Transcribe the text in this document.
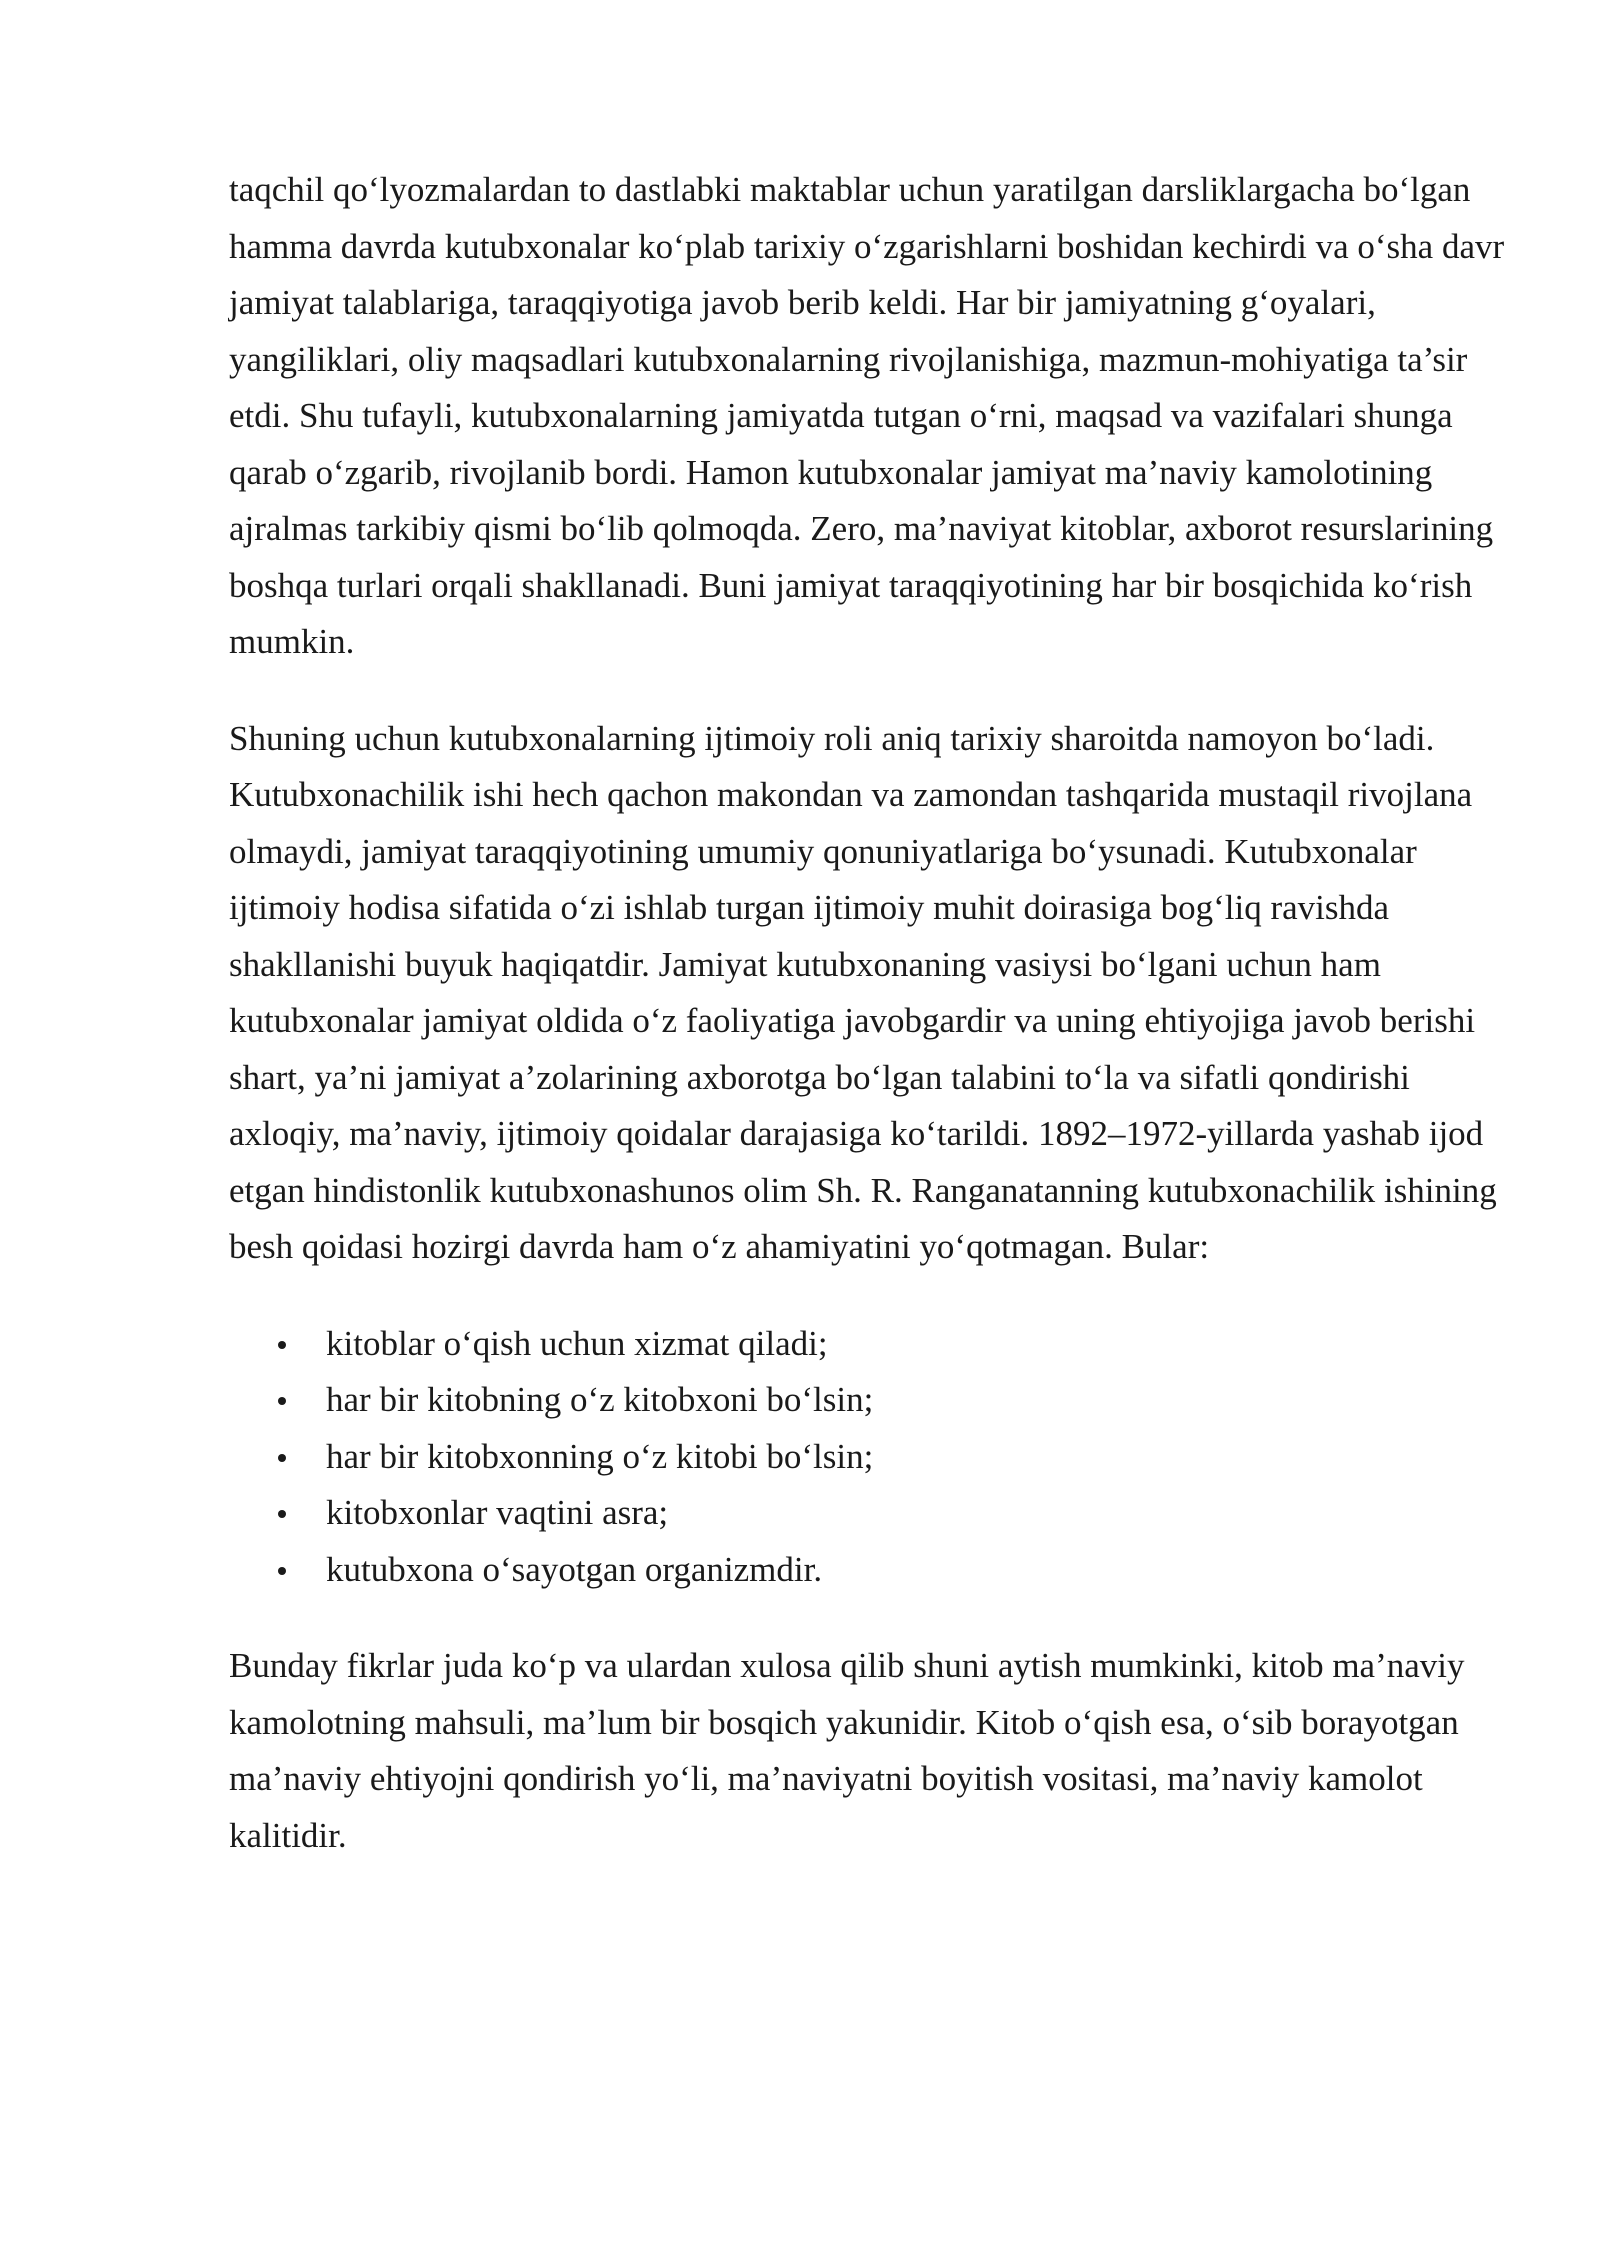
taqchil qo‘lyozmalardan to dastlabki maktablar uchun yaratilgan darsliklargacha bo‘lgan hamma davrda kutubxonalar ko‘plab tarixiy o‘zgarishlarni boshidan kechirdi va o‘sha davr jamiyat talablariga, taraqqiyotiga javob berib keldi. Har bir jamiyatning g‘oyalari, yangiliklari, oliy maqsadlari kutubxonalarning rivojlanishiga, mazmun-mohiyatiga ta’sir etdi. Shu tufayli, kutubxonalarning jamiyatda tutgan o‘rni, maqsad va vazifalari shunga qarab o‘zgarib, rivojlanib bordi. Hamon kutubxonalar jamiyat ma’naviy kamolotining ajralmas tarkibiy qismi bo‘lib qolmoqda. Zero, ma’naviyat kitoblar, axborot resurslarining boshqa turlari orqali shakllanadi. Buni jamiyat taraqqiyotining har bir bosqichida ko‘rish mumkin.

Shuning uchun kutubxonalarning ijtimoiy roli aniq tarixiy sharoitda namoyon bo‘ladi. Kutubxonachilik ishi hech qachon makondan va zamondan tashqarida mustaqil rivojlana olmaydi, jamiyat taraqqiyotining umumiy qonuniyatlariga bo‘ysunadi. Kutubxonalar ijtimoiy hodisa sifatida o‘zi ishlab turgan ijtimoiy muhit doirasiga bog‘liq ravishda shakllanishi buyuk haqiqatdir. Jamiyat kutubxonaning vasiysi bo‘lgani uchun ham kutubxonalar jamiyat oldida o‘z faoliyatiga javobgardir va uning ehtiyojiga javob berishi shart, ya’ni jamiyat a’zolarining axborotga bo‘lgan talabini to‘la va sifatli qondirishi axloqiy, ma’naviy, ijtimoiy qoidalar darajasiga ko‘tarildi. 1892–1972-yillarda yashab ijod etgan hindistonlik kutubxonashunos olim Sh. R. Ranganatanning kutubxonachilik ishining besh qoidasi hozirgi davrda ham o‘z ahamiyatini yo‘qotmagan. Bular:

kitoblar o‘qish uchun xizmat qiladi;
har bir kitobning o‘z kitobxoni bo‘lsin;
har bir kitobxonning o‘z kitobi bo‘lsin;
kitobxonlar vaqtini asra;
kutubxona o‘sayotgan organizmdir.

Bunday fikrlar juda ko‘p va ulardan xulosa qilib shuni aytish mumkinki, kitob ma’naviy kamolotning mahsuli, ma’lum bir bosqich yakunidir. Kitob o‘qish esa, o‘sib borayotgan ma’naviy ehtiyojni qondirish yo‘li, ma’naviyatni boyitish vositasi, ma’naviy kamolot kalitidir.
